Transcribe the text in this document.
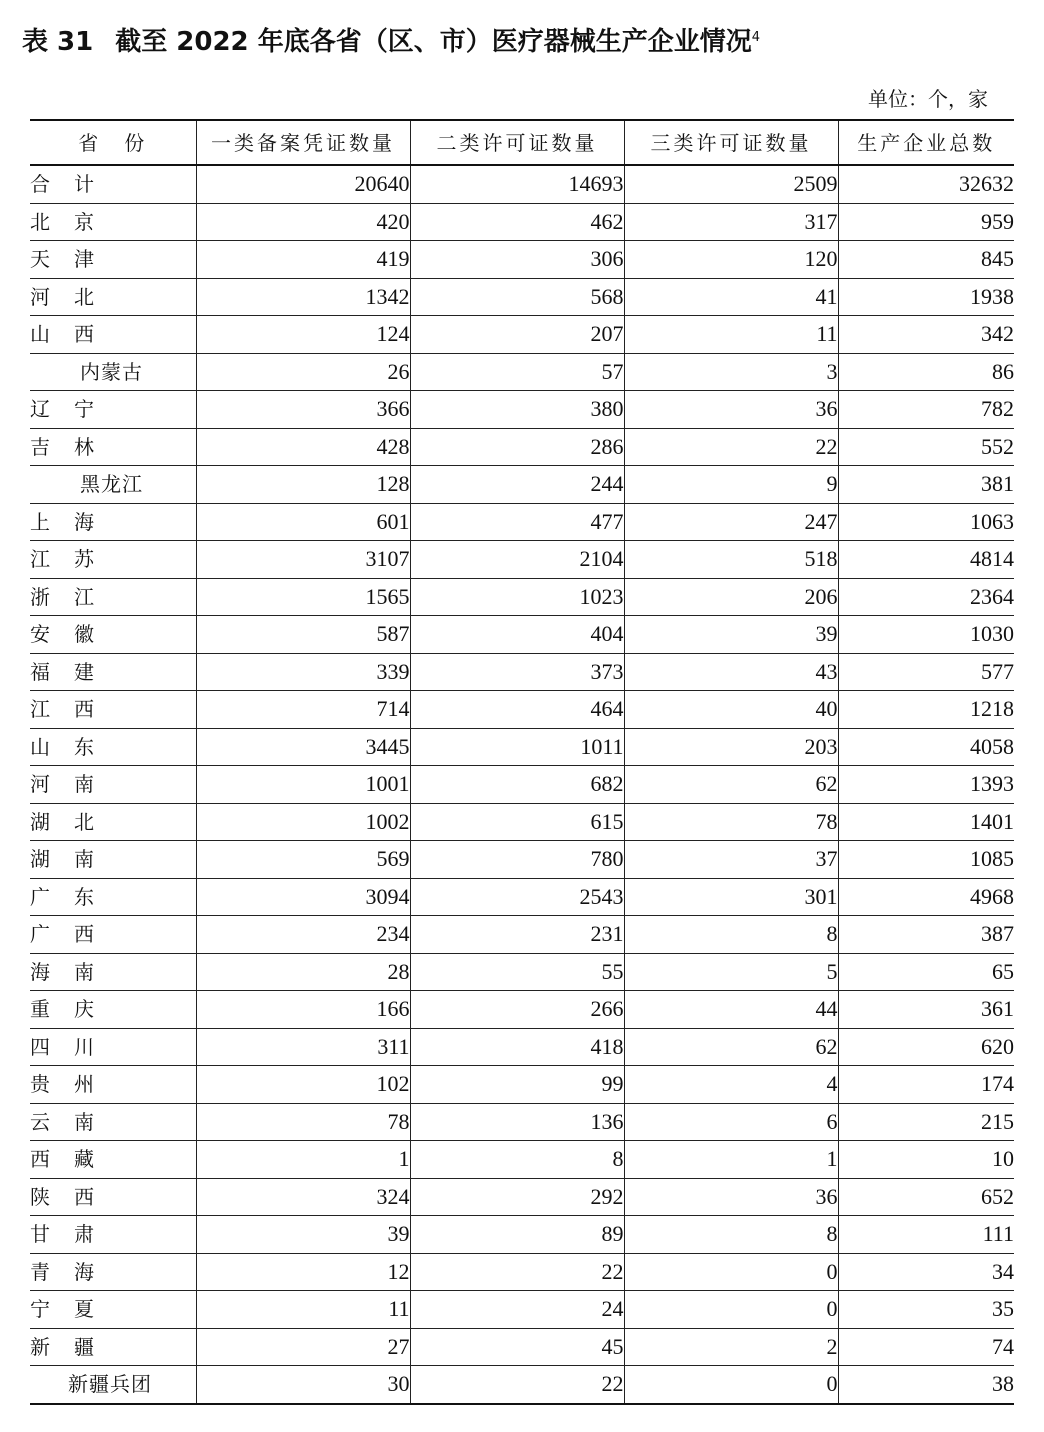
表 31 截至 2022 年底各省（区、市）医疗器械生产企业情况$^4$
单位：个，家
省　份	一类备案凭证数量	二类许可证数量	三类许可证数量	生产企业总数
合计	20640	14693	2509	32632
北京	420	462	317	959
天津	419	306	120	845
河北	1342	568	41	1938
山西	124	207	11	342
内蒙古	26	57	3	86
辽宁	366	380	36	782
吉林	428	286	22	552
黑龙江	128	244	9	381
上海	601	477	247	1063
江苏	3107	2104	518	4814
浙江	1565	1023	206	2364
安徽	587	404	39	1030
福建	339	373	43	577
江西	714	464	40	1218
山东	3445	1011	203	4058
河南	1001	682	62	1393
湖北	1002	615	78	1401
湖南	569	780	37	1085
广东	3094	2543	301	4968
广西	234	231	8	387
海南	28	55	5	65
重庆	166	266	44	361
四川	311	418	62	620
贵州	102	99	4	174
云南	78	136	6	215
西藏	1	8	1	10
陕西	324	292	36	652
甘肃	39	89	8	111
青海	12	22	0	34
宁夏	11	24	0	35
新疆	27	45	2	74
新疆兵团	30	22	0	38
